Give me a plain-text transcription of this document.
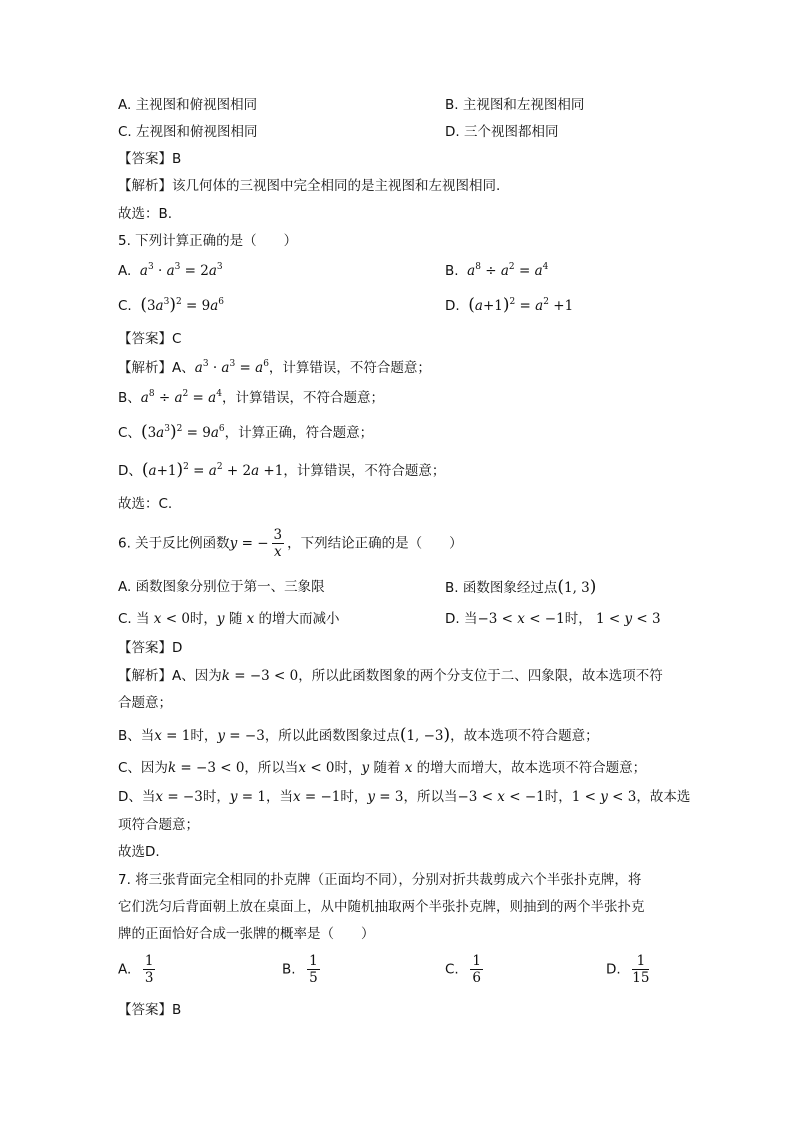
A. 主视图和俯视图相同	B. 主视图和左视图相同
C. 左视图和俯视图相同	D. 三个视图都相同
【答案】B
【解析】该几何体的三视图中完全相同的是主视图和左视图相同.
故选：B.
5. 下列计算正确的是（　　）
A. $a^3 \cdot a^3 = 2a^3$	B. $a^8 \div a^2 = a^4$
C. $(3a^3)^2 = 9a^6$	D. $(a+1)^2 = a^2 +1$
【答案】C
【解析】A、$a^3 \cdot a^3 = a^6$，计算错误，不符合题意；
B、$a^8 \div a^2 = a^4$，计算错误，不符合题意；
C、$(3a^3)^2 = 9a^6$，计算正确，符合题意；
D、$(a+1)^2 = a^2 + 2a +1$，计算错误，不符合题意；
故选：C.
6. 关于反比例函数y = − $\frac{3}{x}$ ，下列结论正确的是（　　）
A. 函数图象分别位于第一、三象限	B. 函数图象经过点(1, 3)
C. 当 x < 0时，y 随 x 的增大而减小	D. 当−3 < x < −1时， 1 < y < 3
【答案】D
【解析】A、因为k = −3 < 0，所以此函数图象的两个分支位于二、四象限，故本选项不符
合题意；
B、当x = 1时，y = −3，所以此函数图象过点(1, −3)，故本选项不符合题意；
C、因为k = −3 < 0，所以当x < 0时，y 随着 x 的增大而增大，故本选项不符合题意；
D、当x = −3时，y = 1，当x = −1时，y = 3，所以当−3 < x < −1时，1 < y < 3，故本选
项符合题意；
故选D.
7. 将三张背面完全相同的扑克牌（正面均不同），分别对折共裁剪成六个半张扑克牌，将
它们洗匀后背面朝上放在桌面上，从中随机抽取两个半张扑克牌，则抽到的两个半张扑克
牌的正面恰好合成一张牌的概率是（　　）
A. $\frac{1}{3}$	B. $\frac{1}{5}$	C. $\frac{1}{6}$	D. $\frac{1}{15}$
【答案】B
